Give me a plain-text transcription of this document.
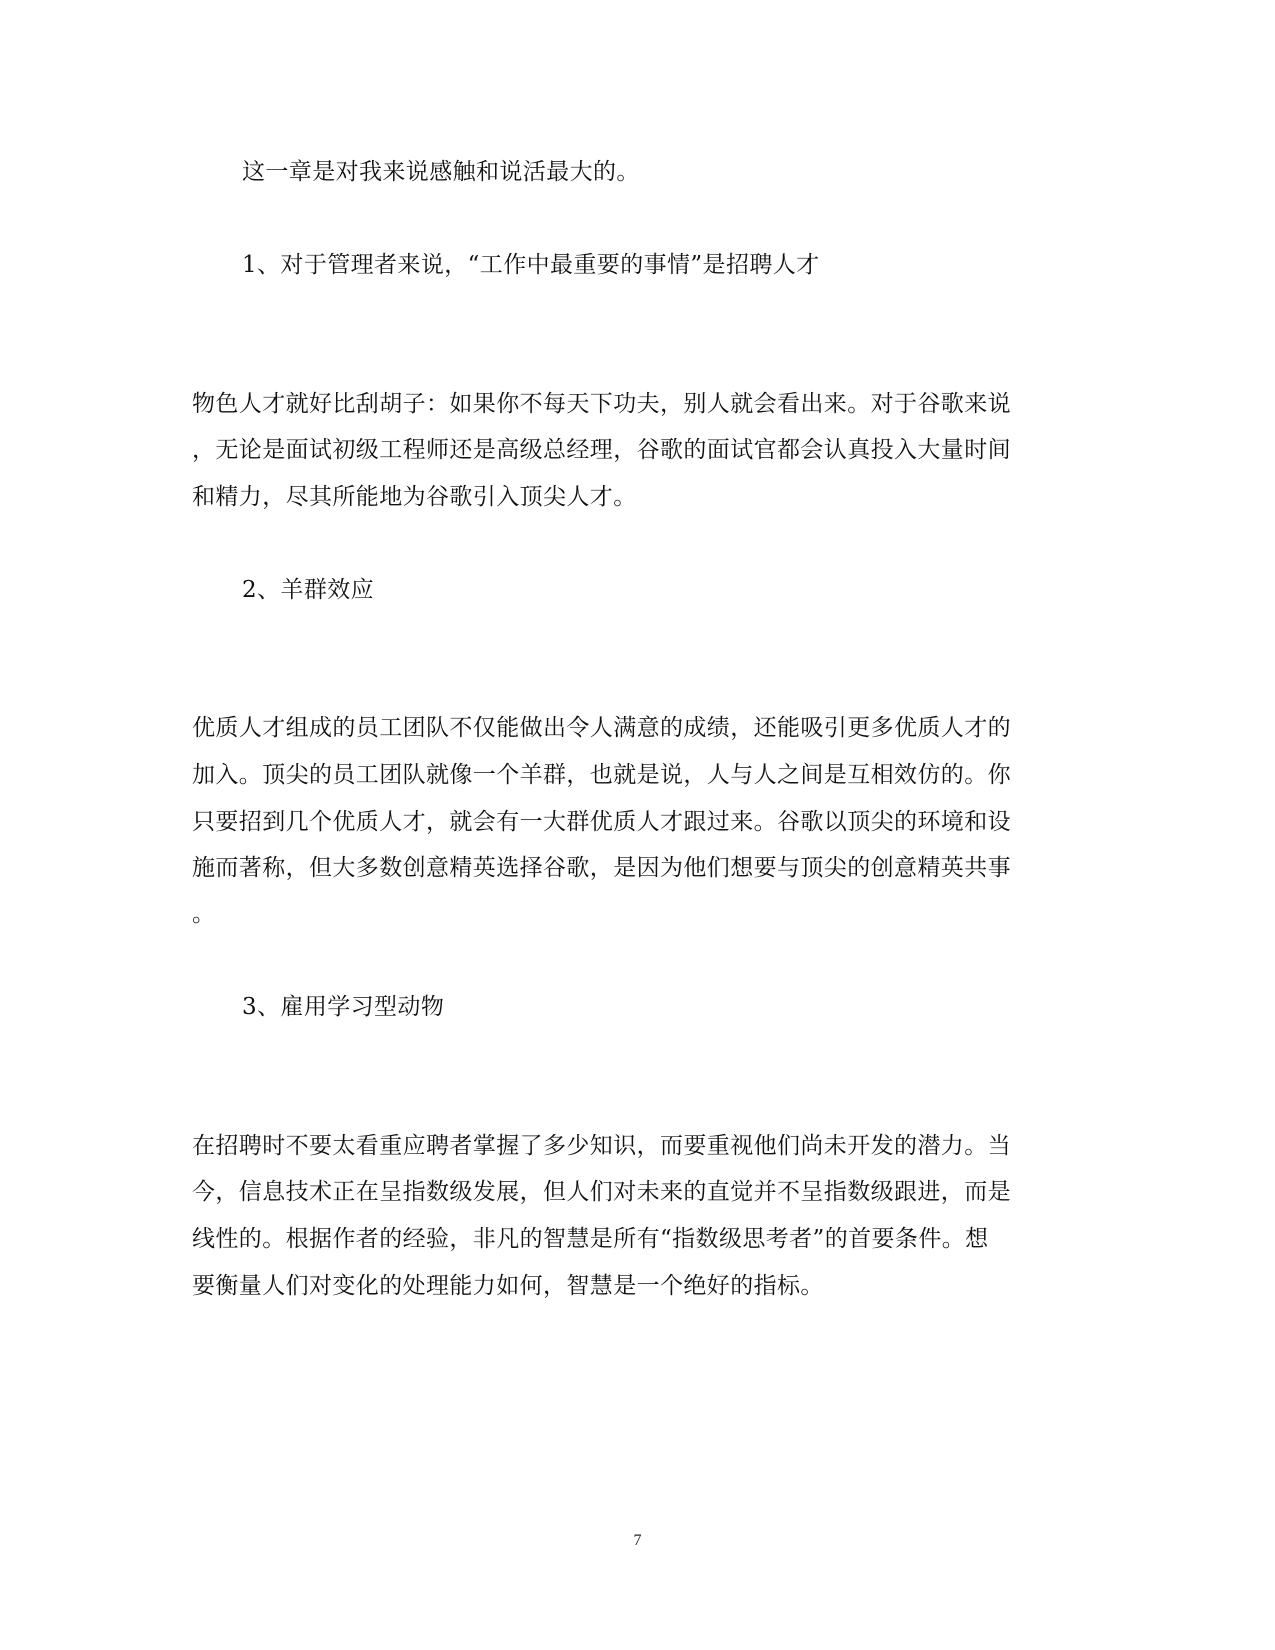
这一章是对我来说感触和说活最大的。
1、对于管理者来说，“工作中最重要的事情”是招聘人才
物色人才就好比刮胡子：如果你不每天下功夫，别人就会看出来。对于谷歌来说
，无论是面试初级工程师还是高级总经理，谷歌的面试官都会认真投入大量时间
和精力，尽其所能地为谷歌引入顶尖人才。
2、羊群效应
优质人才组成的员工团队不仅能做出令人满意的成绩，还能吸引更多优质人才的
加入。顶尖的员工团队就像一个羊群，也就是说，人与人之间是互相效仿的。你
只要招到几个优质人才，就会有一大群优质人才跟过来。谷歌以顶尖的环境和设
施而著称，但大多数创意精英选择谷歌，是因为他们想要与顶尖的创意精英共事
。
3、雇用学习型动物
在招聘时不要太看重应聘者掌握了多少知识，而要重视他们尚未开发的潜力。当
今，信息技术正在呈指数级发展，但人们对未来的直觉并不呈指数级跟进，而是
线性的。根据作者的经验，非凡的智慧是所有“指数级思考者”的首要条件。想
要衡量人们对变化的处理能力如何，智慧是一个绝好的指标。
7
